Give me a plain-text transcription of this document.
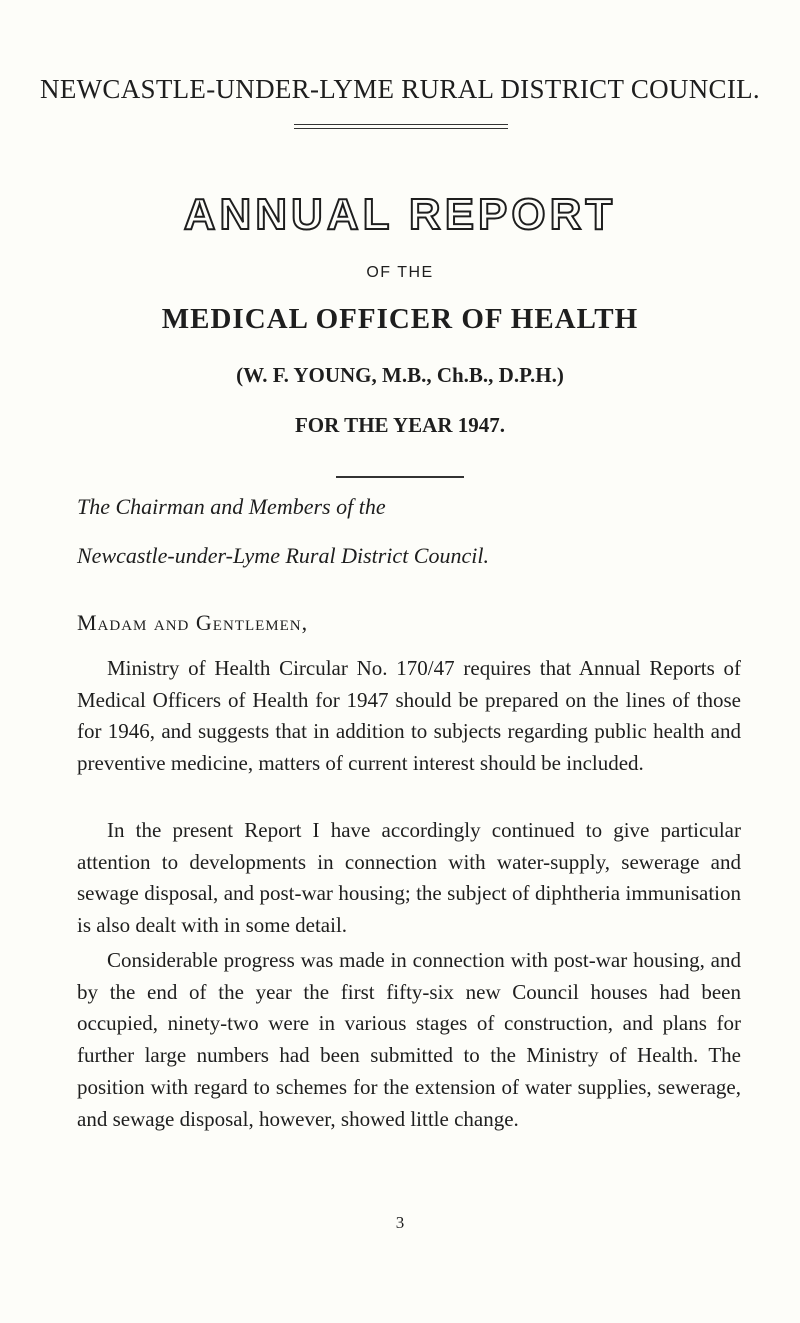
NEWCASTLE-UNDER-LYME RURAL DISTRICT COUNCIL.
ANNUAL REPORT
OF THE
MEDICAL OFFICER OF HEALTH
(W. F. YOUNG, M.B., Ch.B., D.P.H.)
FOR THE YEAR 1947.
The Chairman and Members of the
Newcastle-under-Lyme Rural District Council.
Madam and Gentlemen,

Ministry of Health Circular No. 170/47 requires that Annual Reports of Medical Officers of Health for 1947 should be prepared on the lines of those for 1946, and suggests that in addition to subjects regarding public health and preventive medicine, matters of current interest should be included.

In the present Report I have accordingly continued to give particular attention to developments in connection with water-supply, sewerage and sewage disposal, and post-war housing; the subject of diphtheria immunisation is also dealt with in some detail.

Considerable progress was made in connection with post-war housing, and by the end of the year the first fifty-six new Council houses had been occupied, ninety-two were in various stages of construction, and plans for further large numbers had been submitted to the Ministry of Health. The position with regard to schemes for the extension of water supplies, sewerage, and sewage disposal, however, showed little change.

3
